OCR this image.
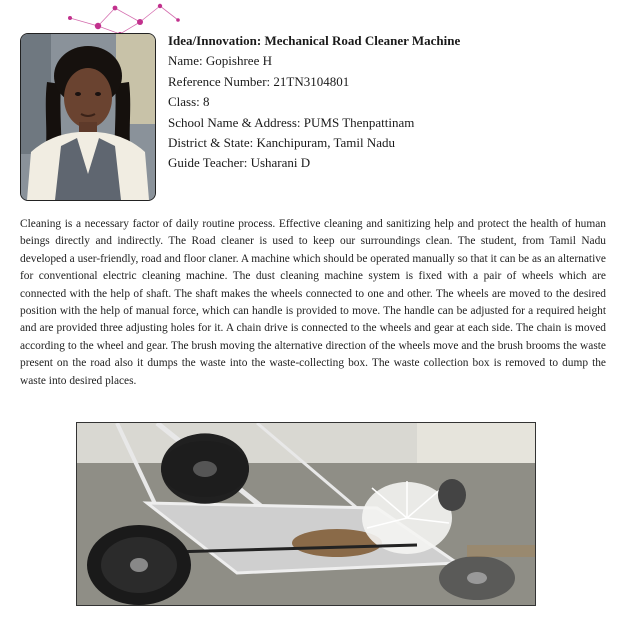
Idea/Innovation: Mechanical Road Cleaner Machine
Name: Gopishree H
Reference Number: 21TN3104801
Class: 8
School Name & Address: PUMS Thenpattinam
District & State: Kanchipuram, Tamil Nadu
Guide Teacher: Usharani D

Cleaning is a necessary factor of daily routine process. Effective cleaning and sanitizing help and protect the health of human beings directly and indirectly. The Road cleaner is used to keep our surroundings clean. The student, from Tamil Nadu developed a user-friendly, road and floor claner. A machine which should be operated manually so that it can be as an alternative for conventional electric cleaning machine. The dust cleaning machine system is fixed with a pair of wheels which are connected with the help of shaft. The shaft makes the wheels connected to one and other. The wheels are moved to the desired position with the help of manual force, which can handle is provided to move. The handle can be adjusted for a required height and are provided three adjusting holes for it. A chain drive is connected to the wheels and gear at each side. The chain is moved according to the wheel and gear. The brush moving the alternative direction of the wheels move and the brush brooms the waste present on the road also it dumps the waste into the waste-collecting box. The waste collection box is removed to dump the waste into desired places.
